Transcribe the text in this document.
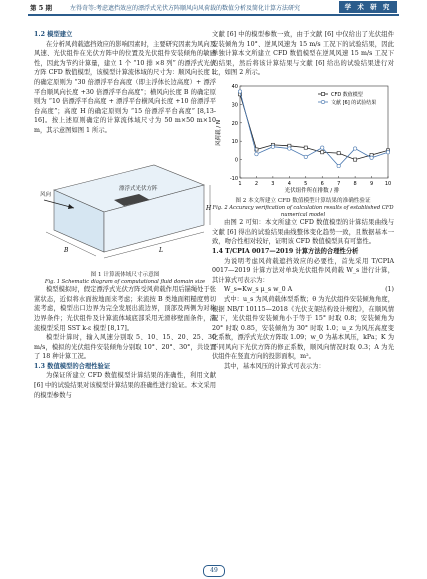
第 5 期	左得奇等:考虑遮挡效应的漂浮式光伏方阵顺风向风荷载的数值分析及简化计算方法研究	学 术 研 究

1.2 模型建立

在分析风荷载遮挡效应的影响因素时，主要研究因素为风向及风速、光伏组件在光伏方阵中的位置及光伏组件安装倾角的敏感性，因此为节约计算量，建立 1 个 “10 排 ×8 列” 的漂浮式光伏方阵 CFD 数值模型，该模型计算流体域的尺寸为：顺风向长度 L 的确定原则为 “30 倍漂浮平台高度（即主浮体长边高度）+ 漂浮平台顺风向长度 +30 倍漂浮平台高度”；横风向长度 B 的确定原则为 “10 倍漂浮平台高度 + 漂浮平台横风向长度 +10 倍漂浮平台高度”；高度 H 的确定原则为 “15 倍漂浮平台高度” [8,13-16]。按上述原则确定的计算流体域尺寸为 50 m×50 m×10 m，其示意图如图 1 所示。

漂浮式光伏方阵
风向
L
B
H

图 1 计算流体域尺寸示意图

Fig. 1 Schematic diagram of computational fluid domain size

模型模拟时，假定漂浮式光伏方阵受风荷载作用后锚绳处于张紧状态，近似将水面按地面来考虑；来流按 B 类地面粗糙度剪切流考虑，模型出口边界为完全发展出流边界，顶部及两侧为对称边界条件；光伏组件及计算流体域底部采用无滑移壁面条件，湍流模型采用 SST k-ε 模型 [8,17]。

模型计算时，输入风速分别取 5、10、15、20、25、30 m/s，模拟的光伏组件安装倾角分别取 10°、20°、30°，共设置了 18 种计算工况。

1.3 数值模型的合理性验证

为保证所建立 CFD 数值模型计算结果的准确性，利用文献 [6] 中的试验结果对该模型计算结果的准确性进行验证。本文采用的模型参数与

文献 [6] 中的模型参数一致，由于文献 [6] 中仅给出了光伏组件安装倾角为 10°、逆风风速为 15 m/s 工况下的试验结果，因此单独计算本文所建立 CFD 数值模型在逆风风速 15 m/s 工况下的结果，然后将该计算结果与文献 [6] 给出的试验结果进行对比，如图 2 所示。

风荷载 / N
光伏组件所在排数 / 排
-10
0
10
20
30
40
1	2	3	4	5	6	7	8	9 10
CFD 数值模型
文献 [6] 的试验结果

图 2 本文所建立 CFD 数值模型计算结果的准确性验证

Fig. 2 Accuracy verification of calculation results of established CFD numerical model

由图 2 可知：本文所建立 CFD 数值模型的计算结果曲线与文献 [6] 得出的试验结果曲线整体变化趋势一致，且数据基本一致，吻合性相对较好，证明该 CFD 数值模型具有可靠性。

1.4 T/CPIA 0017—2019 计算方法的合理性分析

为说明考虑风荷载遮挡效应的必要性，首先采用 T/CPIA 0017—2019 计算方法对单块光伏组件风荷载 W_s 进行计算，其计算式可表示为：

W_s=Kw_s μ_s w_0 A	(1)

式中：u_s 为风荷载体型系数；θ 为光伏组件安装倾角角度，根据 NB/T 10115—2018《光伏支架结构设计规程》，在顺风情况下，光伏组件安装倾角小于等于 15° 时取 0.8；安装倾角为 20° 时取 0.85，安装倾角为 30° 时取 1.0；u_z 为风压高度变化系数，漂浮式光伏方阵取 1.09；w_0 为基本风压，kPa；K 为不同风向下光伏方阵的修正系数，顺风向情况时取 0.3；A 为光伏组件在竖直方向的投影面积，m²。

其中，基本风压的计算式可表示为：

49
